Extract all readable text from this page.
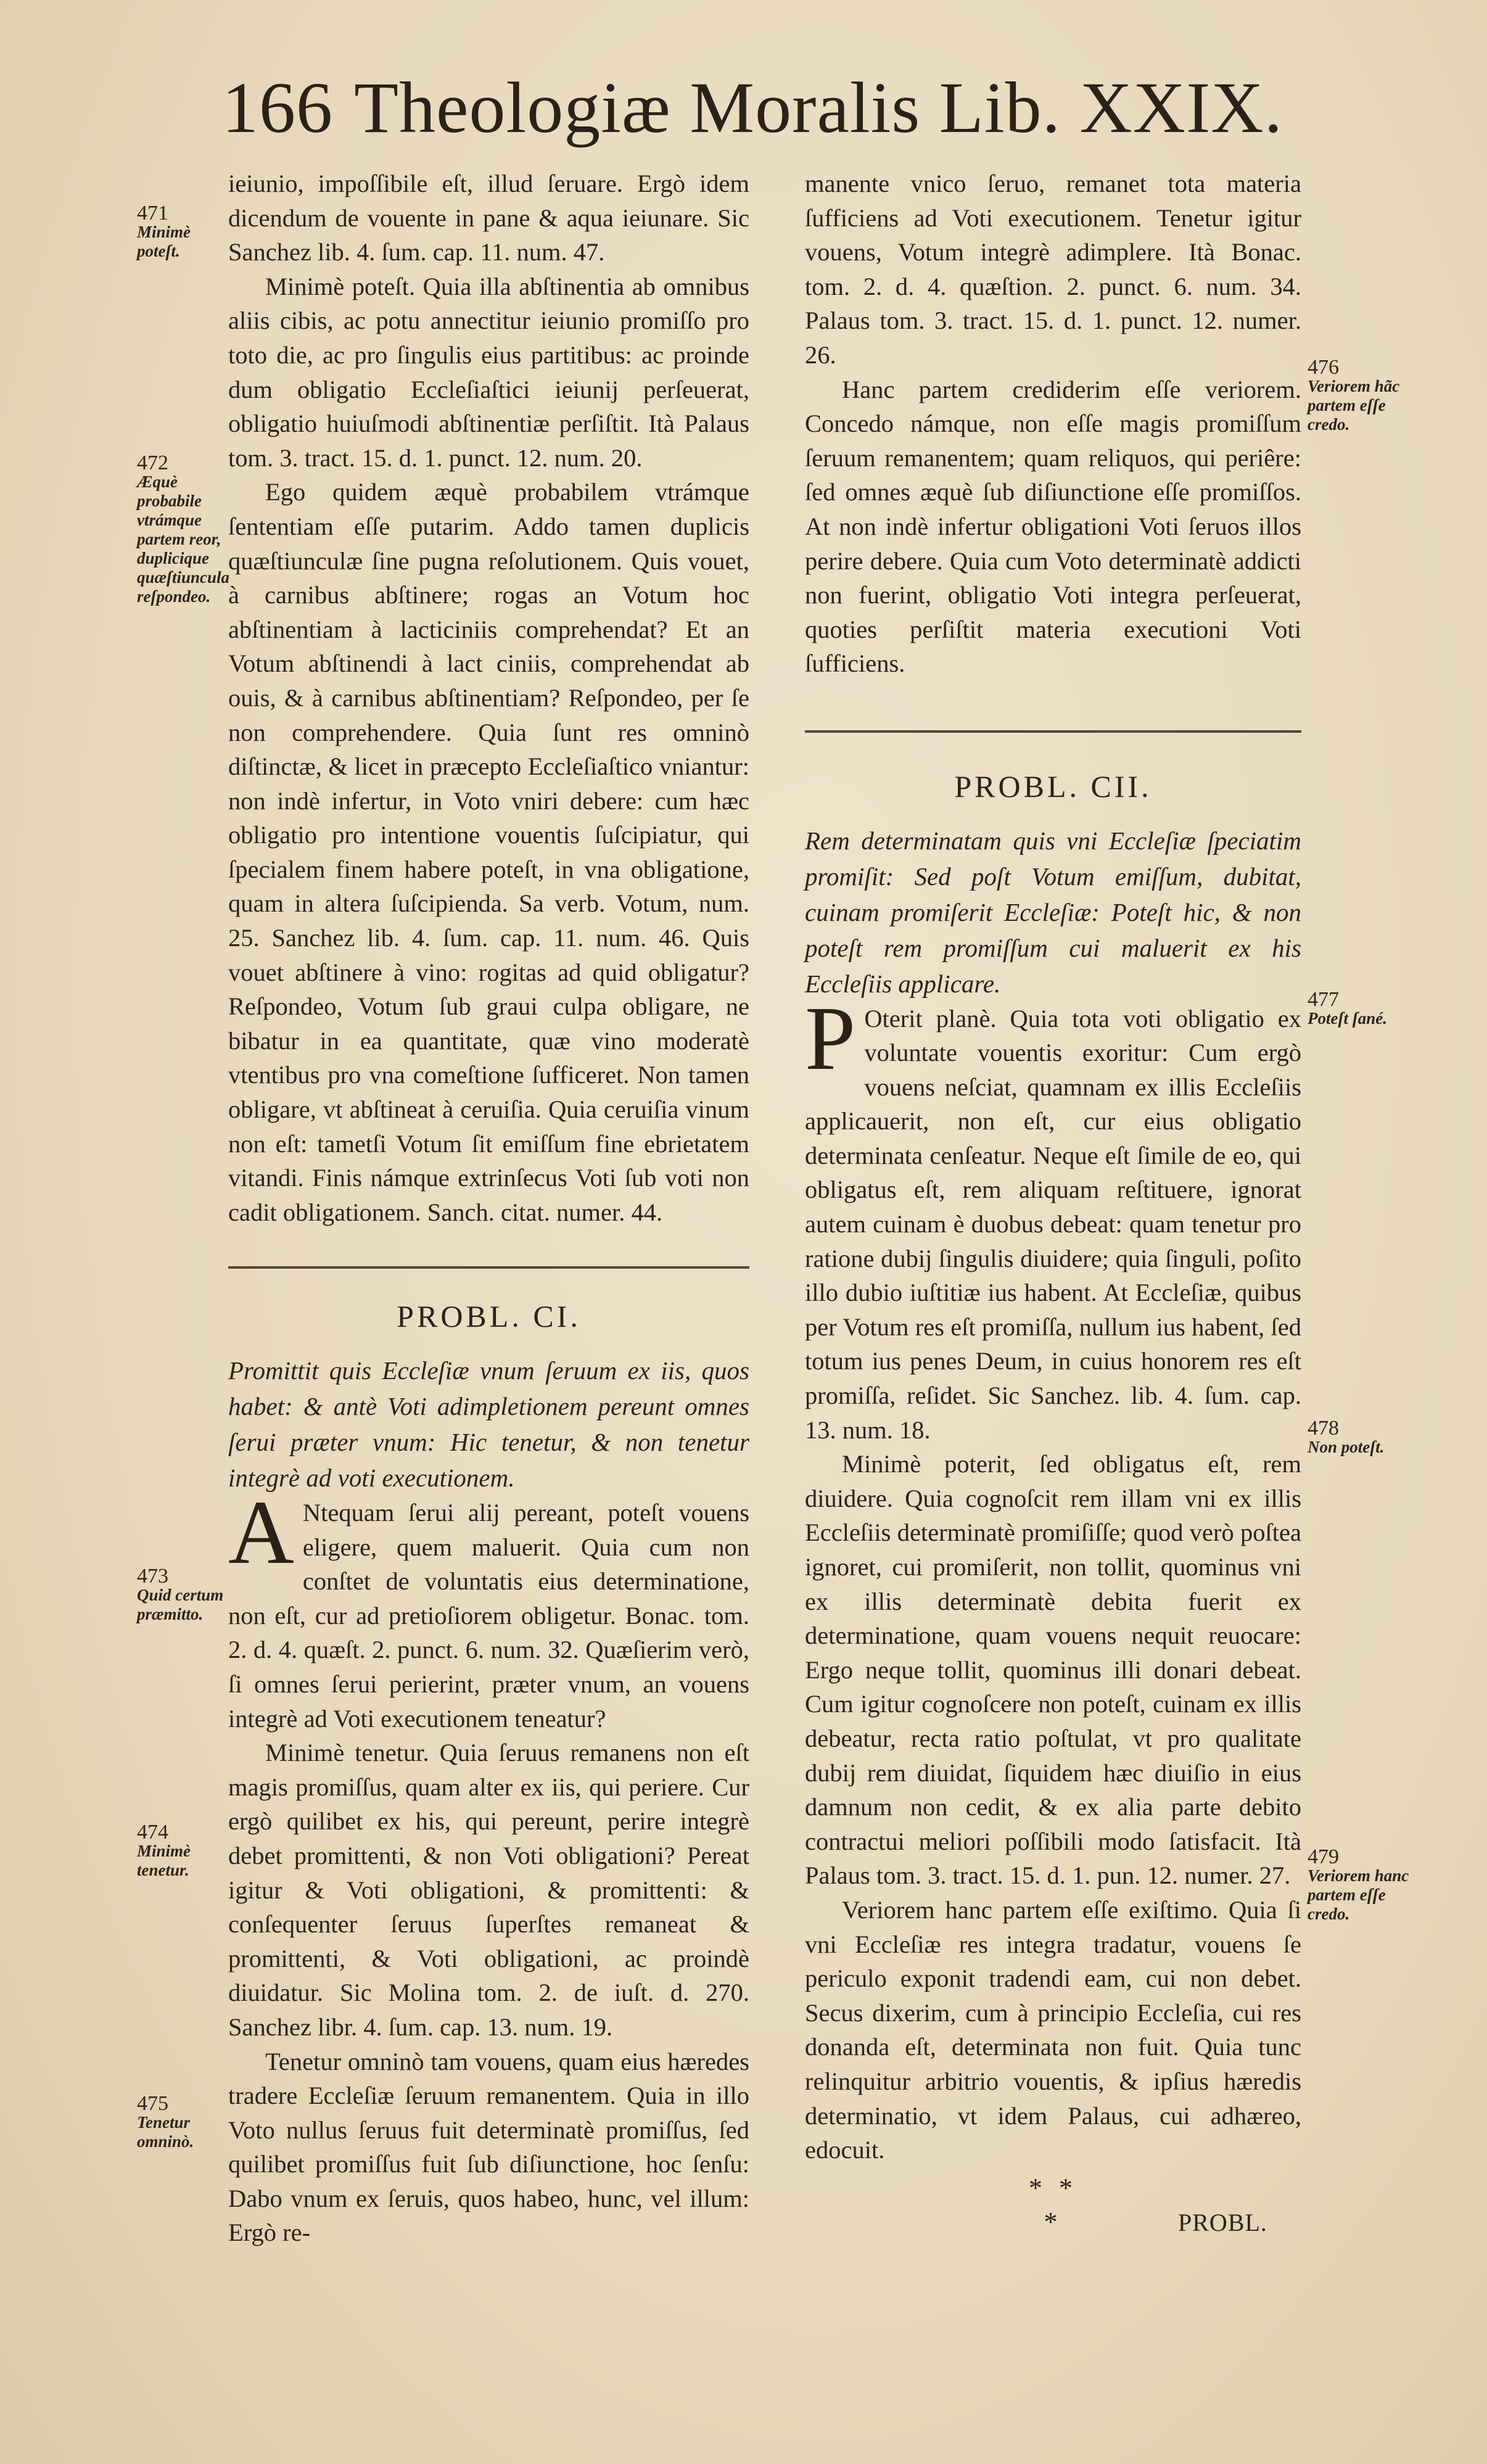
166 Theologiæ Moralis Lib. XXIX.

ieiunio, impoſſibile eſt, illud ſeruare. Ergò idem dicendum de vouente in pane & aqua ieiunare. Sic Sanchez lib. 4. ſum. cap. 11. num. 47.

Minimè poteſt. Quia illa abſtinentia ab omnibus aliis cibis, ac potu annectitur ieiunio promiſſo pro toto die, ac pro ſingulis eius partitibus: ac proinde dum obligatio Eccleſiaſtici ieiunij perſeuerat, obligatio huiuſmodi abſtinentiæ perſiſtit. Ità Palaus tom. 3. tract. 15. d. 1. punct. 12. num. 20.

Ego quidem æquè probabilem vtrámque ſententiam eſſe putarim. Addo tamen duplicis quæſtiunculæ ſine pugna reſolutionem. Quis vouet, à carnibus abſtinere; rogas an Votum hoc abſtinentiam à lacticiniis comprehendat? Et an Votum abſtinendi à lact ciniis, comprehendat ab ouis, & à carnibus abſtinentiam? Reſpondeo, per ſe non comprehendere. Quia ſunt res omninò diſtinctæ, & licet in præcepto Eccleſiaſtico vniantur: non indè infertur, in Voto vniri debere: cum hæc obligatio pro intentione vouentis ſuſcipiatur, qui ſpecialem finem habere poteſt, in vna obligatione, quam in altera ſuſcipienda. Sa verb. Votum, num. 25. Sanchez lib. 4. ſum. cap. 11. num. 46. Quis vouet abſtinere à vino: rogitas ad quid obligatur? Reſpondeo, Votum ſub graui culpa obligare, ne bibatur in ea quantitate, quæ vino moderatè vtentibus pro vna comeſtione ſufficeret. Non tamen obligare, vt abſtineat à ceruiſia. Quia ceruiſia vinum non eſt: tametſi Votum ſit emiſſum fine ebrietatem vitandi. Finis námque extrinſecus Voti ſub voti non cadit obligationem. Sanch. citat. numer. 44.

PROBL. CI.

Promittit quis Eccleſiæ vnum ſeruum ex iis, quos habet: & antè Voti adimpletionem pereunt omnes ſerui præter vnum: Hic tenetur, & non tenetur integrè ad voti executionem.

A Ntequam ſerui alij pereant, poteſt vouens eligere, quem maluerit. Quia cum non conſtet de voluntatis eius determinatione, non eſt, cur ad pretioſiorem obligetur. Bonac. tom. 2. d. 4. quæſt. 2. punct. 6. num. 32. Quæſierim verò, ſi omnes ſerui perierint, præter vnum, an vouens integrè ad Voti executionem teneatur?

Minimè tenetur. Quia ſeruus remanens non eſt magis promiſſus, quam alter ex iis, qui periere. Cur ergò quilibet ex his, qui pereunt, perire integrè debet promittenti, & non Voti obligationi? Pereat igitur & Voti obligationi, & promittenti: & conſequenter ſeruus ſuperſtes remaneat & promittenti, & Voti obligationi, ac proindè diuidatur. Sic Molina tom. 2. de iuſt. d. 270. Sanchez libr. 4. ſum. cap. 13. num. 19.

Tenetur omninò tam vouens, quam eius hæredes tradere Eccleſiæ ſeruum remanentem. Quia in illo Voto nullus ſeruus fuit determinatè promiſſus, ſed quilibet promiſſus fuit ſub diſiunctione, hoc ſenſu: Dabo vnum ex ſeruis, quos habeo, hunc, vel illum: Ergò re-

manente vnico ſeruo, remanet tota materia ſufficiens ad Voti executionem. Tenetur igitur vouens, Votum integrè adimplere. Ità Bonac. tom. 2. d. 4. quæſtion. 2. punct. 6. num. 34. Palaus tom. 3. tract. 15. d. 1. punct. 12. numer. 26.

Hanc partem crediderim eſſe veriorem. Concedo námque, non eſſe magis promiſſum ſeruum remanentem; quam reliquos, qui periêre: ſed omnes æquè ſub diſiunctione eſſe promiſſos. At non indè infertur obligationi Voti ſeruos illos perire debere. Quia cum Voto determinatè addicti non fuerint, obligatio Voti integra perſeuerat, quoties perſiſtit materia executioni Voti ſufficiens.

PROBL. CII.

Rem determinatam quis vni Eccleſiæ ſpeciatim promiſit: Sed poſt Votum emiſſum, dubitat, cuinam promiſerit Eccleſiæ: Poteſt hic, & non poteſt rem promiſſum cui maluerit ex his Eccleſiis applicare.

P Oterit planè. Quia tota voti obligatio ex voluntate vouentis exoritur: Cum ergò vouens neſciat, quamnam ex illis Eccleſiis applicauerit, non eſt, cur eius obligatio determinata cenſeatur. Neque eſt ſimile de eo, qui obligatus eſt, rem aliquam reſtituere, ignorat autem cuinam è duobus debeat: quam tenetur pro ratione dubij ſingulis diuidere; quia ſinguli, poſito illo dubio iuſtitiæ ius habent. At Eccleſiæ, quibus per Votum res eſt promiſſa, nullum ius habent, ſed totum ius penes Deum, in cuius honorem res eſt promiſſa, reſidet. Sic Sanchez. lib. 4. ſum. cap. 13. num. 18.

Minimè poterit, ſed obligatus eſt, rem diuidere. Quia cognoſcit rem illam vni ex illis Eccleſiis determinatè promiſiſſe; quod verò poſtea ignoret, cui promiſerit, non tollit, quominus vni ex illis determinatè debita fuerit ex determinatione, quam vouens nequit reuocare: Ergo neque tollit, quominus illi donari debeat. Cum igitur cognoſcere non poteſt, cuinam ex illis debeatur, recta ratio poſtulat, vt pro qualitate dubij rem diuidat, ſiquidem hæc diuiſio in eius damnum non cedit, & ex alia parte debito contractui meliori poſſibili modo ſatisfacit. Ità Palaus tom. 3. tract. 15. d. 1. pun. 12. numer. 27.

Veriorem hanc partem eſſe exiſtimo. Quia ſi vni Eccleſiæ res integra tradatur, vouens ſe periculo exponit tradendi eam, cui non debet. Secus dixerim, cum à principio Eccleſia, cui res donanda eſt, determinata non fuit. Quia tunc relinquitur arbitrio vouentis, & ipſius hæredis determinatio, vt idem Palaus, cui adhæreo, edocuit.

* *
*
471
Minimè poteſt.
472
Æquè probabile vtrámque partem reor, duplicique quæſtiuncula reſpondeo.
473
Quid certum præmitto.
474
Minimè tenetur.
475
Tenetur omninò.
476
Veriorem hãc partem eſſe credo.
477
Poteſt ſané.
478
Non poteſt.
479
Veriorem hanc partem eſſe credo.
PROBL.
